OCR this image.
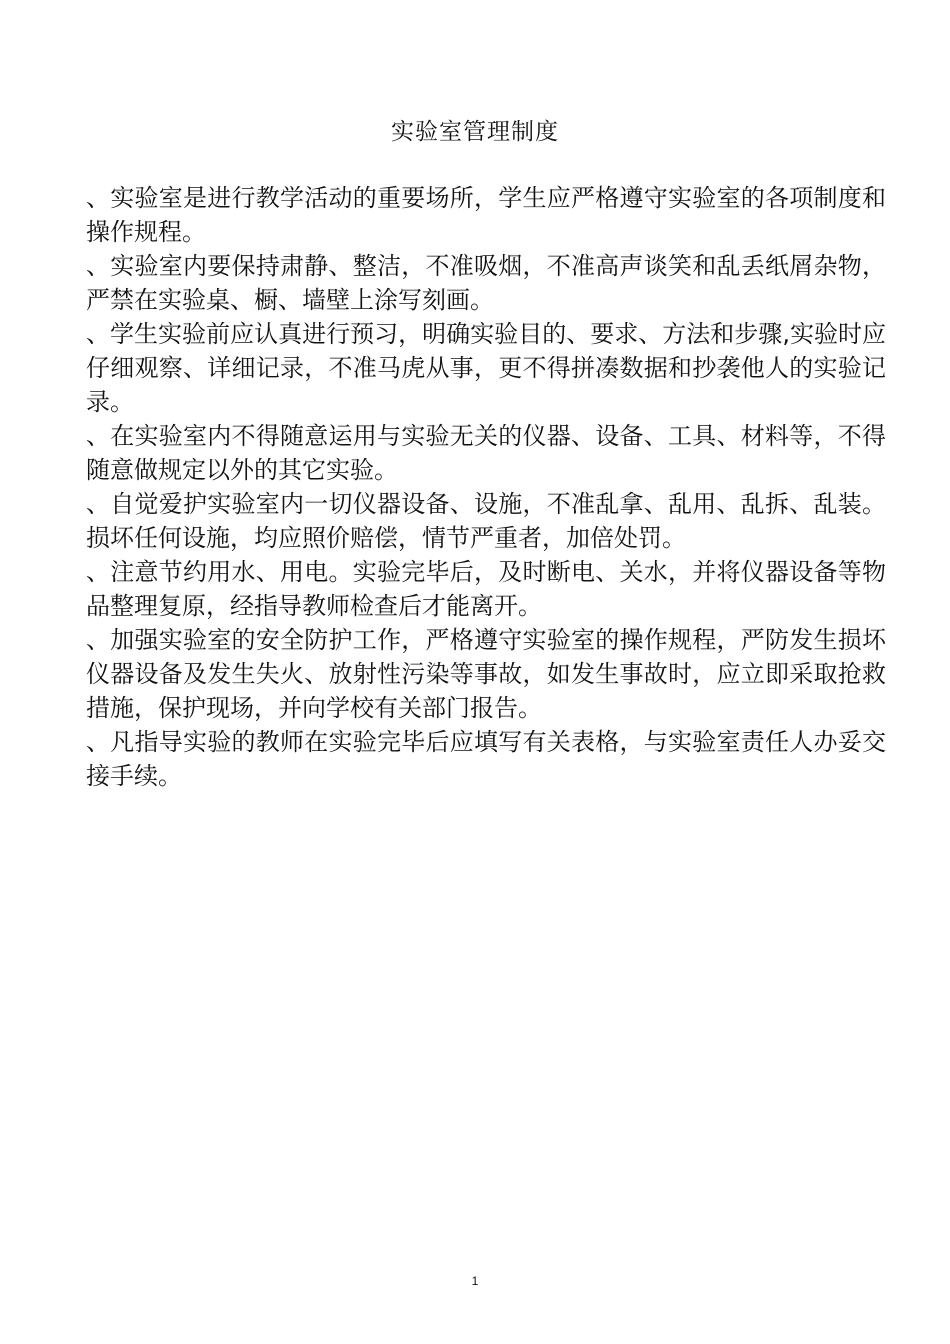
实验室管理制度

、实验室是进行教学活动的重要场所，学生应严格遵守实验室的各项制度和操作规程。

、实验室内要保持肃静、整洁，不准吸烟，不准高声谈笑和乱丢纸屑杂物，严禁在实验桌、橱、墙壁上涂写刻画。

、学生实验前应认真进行预习，明确实验目的、要求、方法和步骤,实验时应仔细观察、详细记录，不准马虎从事，更不得拼凑数据和抄袭他人的实验记录。

、在实验室内不得随意运用与实验无关的仪器、设备、工具、材料等，不得随意做规定以外的其它实验。

、自觉爱护实验室内一切仪器设备、设施，不准乱拿、乱用、乱拆、乱装。损坏任何设施，均应照价赔偿，情节严重者，加倍处罚。

、注意节约用水、用电。实验完毕后，及时断电、关水，并将仪器设备等物品整理复原，经指导教师检查后才能离开。

、加强实验室的安全防护工作，严格遵守实验室的操作规程，严防发生损坏仪器设备及发生失火、放射性污染等事故，如发生事故时，应立即采取抢救措施，保护现场，并向学校有关部门报告。

、凡指导实验的教师在实验完毕后应填写有关表格，与实验室责任人办妥交接手续。

1
